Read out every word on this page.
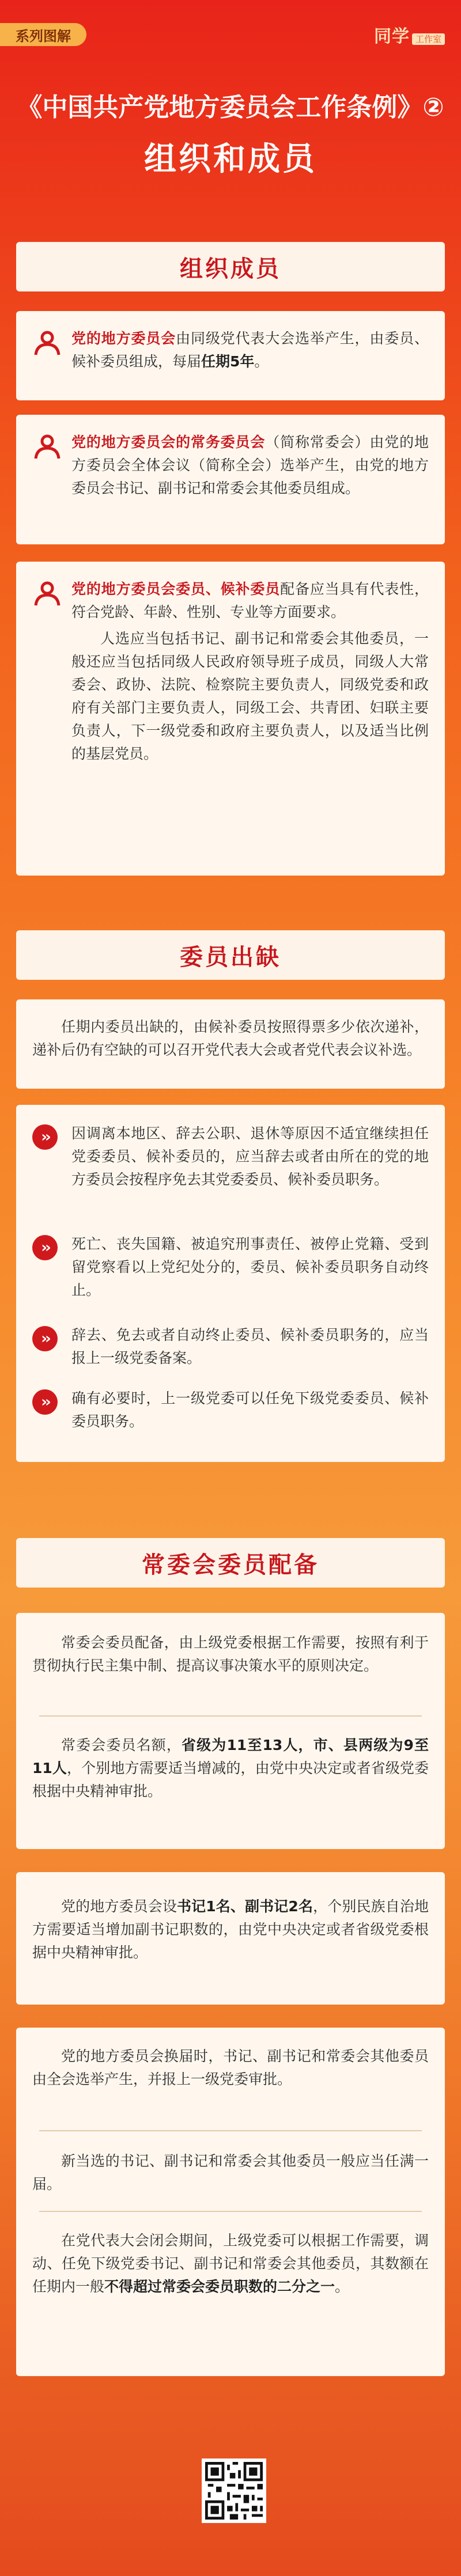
系列图解	同学 工作室
《中国共产党地方委员会工作条例》②
组织和成员
组织成员
党的地方委员会由同级党代表大会选举产生，由委员、候补委员组成，每届任期5年。
党的地方委员会的常务委员会（简称常委会）由党的地方委员会全体会议（简称全会）选举产生，由党的地方委员会书记、副书记和常委会其他委员组成。
党的地方委员会委员、候补委员配备应当具有代表性，符合党龄、年龄、性别、专业等方面要求。
人选应当包括书记、副书记和常委会其他委员，一般还应当包括同级人民政府领导班子成员，同级人大常委会、政协、法院、检察院主要负责人，同级党委和政府有关部门主要负责人，同级工会、共青团、妇联主要负责人，下一级党委和政府主要负责人，以及适当比例的基层党员。
委员出缺
任期内委员出缺的，由候补委员按照得票多少依次递补，递补后仍有空缺的可以召开党代表大会或者党代表会议补选。
››	因调离本地区、辞去公职、退休等原因不适宜继续担任党委委员、候补委员的，应当辞去或者由所在的党的地方委员会按程序免去其党委委员、候补委员职务。
››	死亡、丧失国籍、被追究刑事责任、被停止党籍、受到留党察看以上党纪处分的，委员、候补委员职务自动终止。
››	辞去、免去或者自动终止委员、候补委员职务的，应当报上一级党委备案。
››	确有必要时，上一级党委可以任免下级党委委员、候补委员职务。
常委会委员配备
常委会委员配备，由上级党委根据工作需要，按照有利于贯彻执行民主集中制、提高议事决策水平的原则决定。
常委会委员名额，省级为11至13人，市、县两级为9至11人，个别地方需要适当增减的，由党中央决定或者省级党委根据中央精神审批。
党的地方委员会设书记1名、副书记2名，个别民族自治地方需要适当增加副书记职数的，由党中央决定或者省级党委根据中央精神审批。
党的地方委员会换届时，书记、副书记和常委会其他委员由全会选举产生，并报上一级党委审批。
新当选的书记、副书记和常委会其他委员一般应当任满一届。
在党代表大会闭会期间，上级党委可以根据工作需要，调动、任免下级党委书记、副书记和常委会其他委员，其数额在任期内一般不得超过常委会委员职数的二分之一。
